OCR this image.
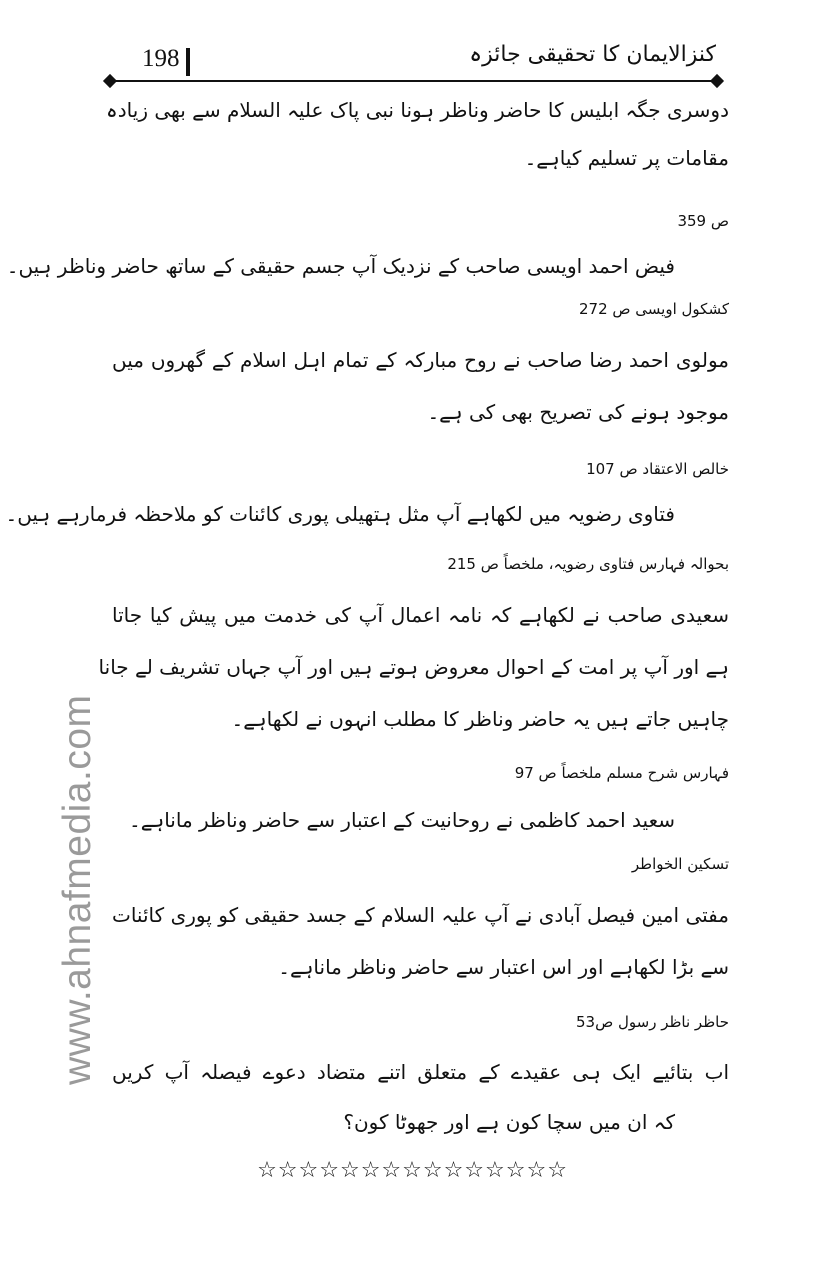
www.ahnafmedia.com
198	کنزالایمان کا تحقیقی جائزہ
دوسری جگہ ابلیس کا حاضر وناظر ہونا نبی پاک علیہ السلام سے بھی زیادہ
مقامات پر تسلیم کیاہے۔
ص 359
فیض احمد اویسی صاحب کے نزدیک آپ جسم حقیقی کے ساتھ حاضر وناظر ہیں۔
کشکول اویسی ص 272
مولوی احمد رضا صاحب نے روح مبارکہ کے تمام اہل اسلام کے گھروں میں
موجود ہونے کی تصریح بھی کی ہے۔
خالص الاعتقاد ص 107
فتاوی رضویہ میں لکھاہے آپ مثل ہتھیلی پوری کائنات کو ملاحظہ فرمارہے ہیں۔
بحوالہ فہارس فتاوی رضویہ، ملخصاً ص 215
سعیدی صاحب نے لکھاہے کہ نامہ اعمال آپ کی خدمت میں پیش کیا جاتا
ہے اور آپ پر امت کے احوال معروض ہوتے ہیں اور آپ جہاں تشریف لے جانا
چاہیں جاتے ہیں یہ حاضر وناظر کا مطلب انہوں نے لکھاہے۔
فہارس شرح مسلم ملخصاً ص 97
سعید احمد کاظمی نے روحانیت کے اعتبار سے حاضر وناظر ماناہے۔
تسکین الخواطر
مفتی امین فیصل آبادی نے آپ علیہ السلام کے جسد حقیقی کو پوری کائنات
سے بڑا لکھاہے اور اس اعتبار سے حاضر وناظر ماناہے۔
حاظر ناظر رسول ص53
اب بتائیے ایک ہی عقیدے کے متعلق اتنے متضاد دعوے فیصلہ آپ کریں
کہ ان میں سچا کون ہے اور جھوٹا کون؟
☆☆☆☆☆☆☆☆☆☆☆☆☆☆☆
